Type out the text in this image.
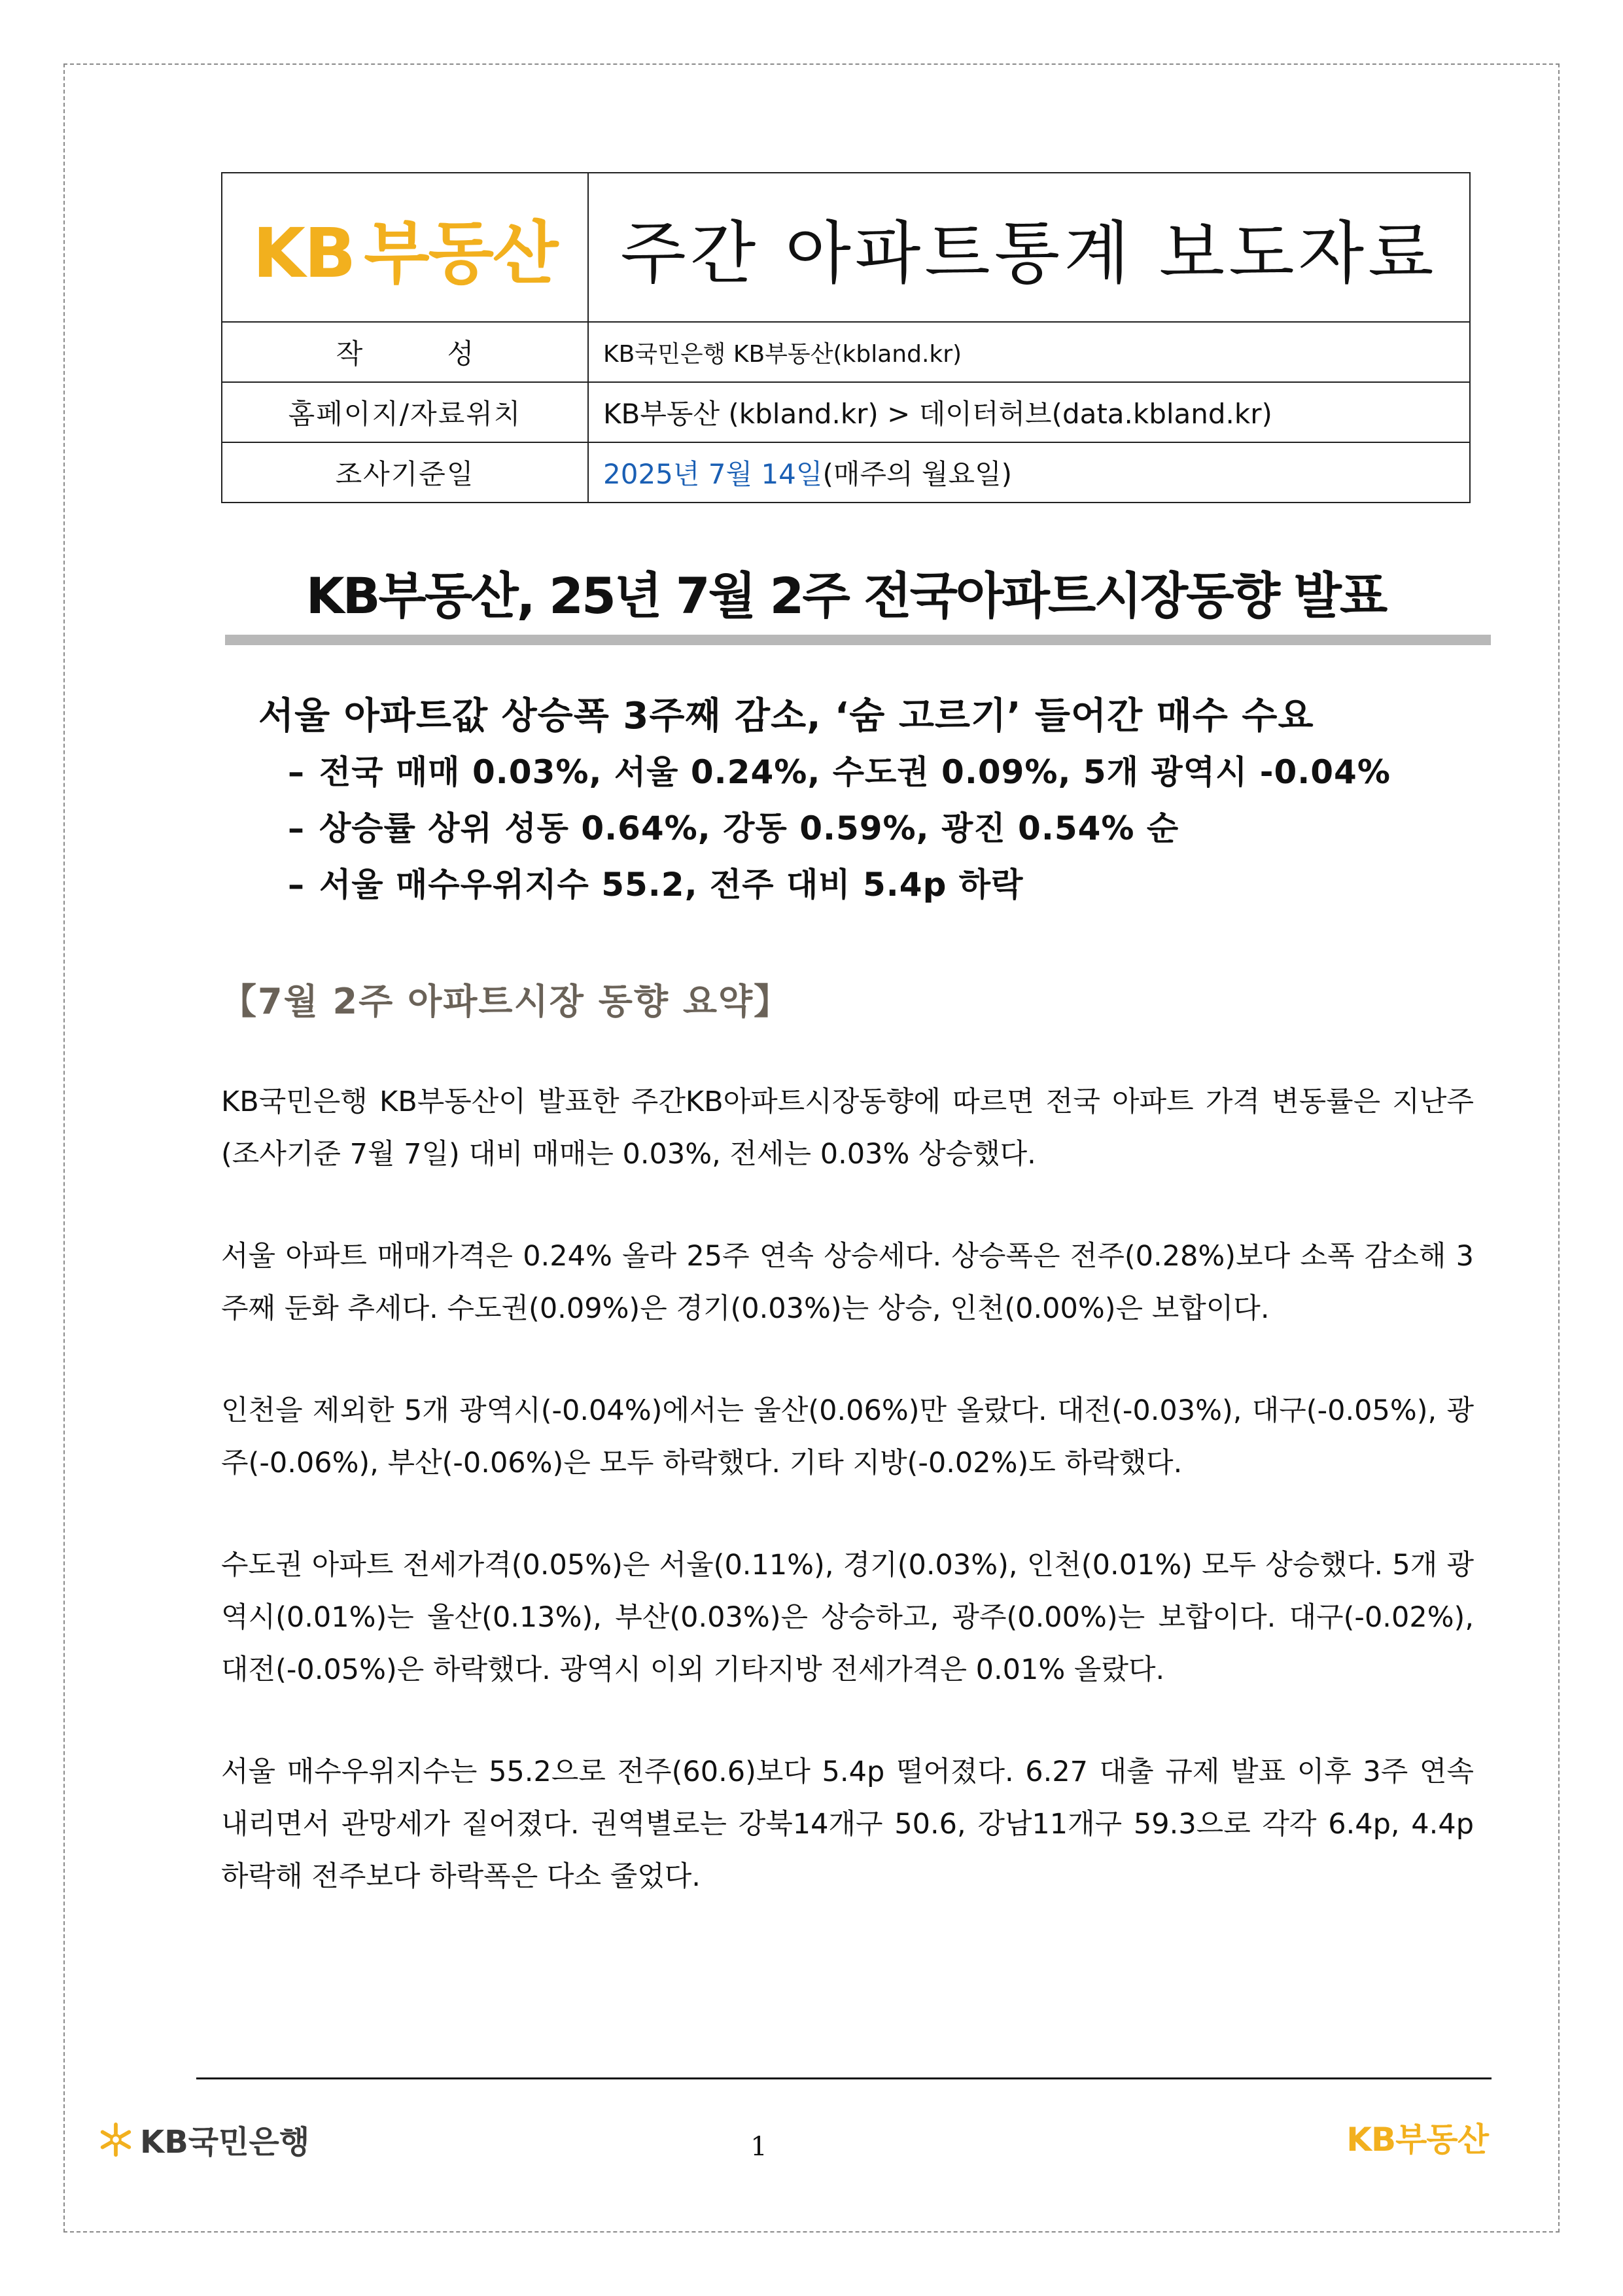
KB 부동산	주간 아파트통계 보도자료
작 성	KB국민은행 KB부동산(kbland.kr)
홈페이지/자료위치	KB부동산 (kbland.kr) > 데이터허브(data.kbland.kr)
조사기준일	2025년 7월 14일(매주의 월요일)
KB부동산, 25년 7월 2주 전국아파트시장동향 발표
서울 아파트값 상승폭 3주째 감소, ‘숨 고르기’ 들어간 매수 수요
– 전국 매매 0.03%, 서울 0.24%, 수도권 0.09%, 5개 광역시 -0.04%
– 상승률 상위 성동 0.64%, 강동 0.59%, 광진 0.54% 순
– 서울 매수우위지수 55.2, 전주 대비 5.4p 하락
【7월 2주 아파트시장 동향 요약】
KB국민은행 KB부동산이 발표한 주간KB아파트시장동향에 따르면 전국 아파트 가격 변동률은 지난주(조사기준 7월 7일) 대비 매매는 0.03%, 전세는 0.03% 상승했다.
서울 아파트 매매가격은 0.24% 올라 25주 연속 상승세다. 상승폭은 전주(0.28%)보다 소폭 감소해 3주째 둔화 추세다. 수도권(0.09%)은 경기(0.03%)는 상승, 인천(0.00%)은 보합이다.
인천을 제외한 5개 광역시(-0.04%)에서는 울산(0.06%)만 올랐다. 대전(-0.03%), 대구(-0.05%), 광주(-0.06%), 부산(-0.06%)은 모두 하락했다. 기타 지방(-0.02%)도 하락했다.
수도권 아파트 전세가격(0.05%)은 서울(0.11%), 경기(0.03%), 인천(0.01%) 모두 상승했다. 5개 광역시(0.01%)는 울산(0.13%), 부산(0.03%)은 상승하고, 광주(0.00%)는 보합이다. 대구(-0.02%), 대전(-0.05%)은 하락했다. 광역시 이외 기타지방 전세가격은 0.01% 올랐다.
서울 매수우위지수는 55.2으로 전주(60.6)보다 5.4p 떨어졌다. 6.27 대출 규제 발표 이후 3주 연속 내리면서 관망세가 짙어졌다. 권역별로는 강북14개구 50.6, 강남11개구 59.3으로 각각 6.4p, 4.4p 하락해 전주보다 하락폭은 다소 줄었다.
KB국민은행	1	KB부동산
